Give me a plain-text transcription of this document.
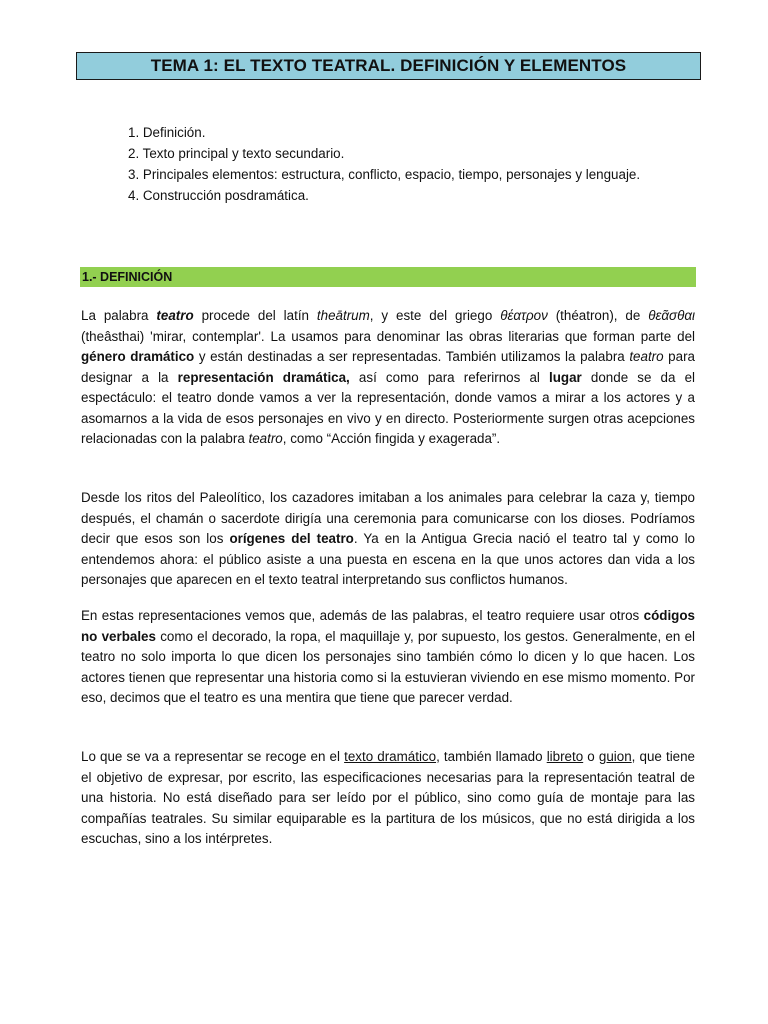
TEMA 1: EL TEXTO TEATRAL. DEFINICIÓN Y ELEMENTOS
1. Definición.
2. Texto principal y texto secundario.
3. Principales elementos: estructura, conflicto, espacio, tiempo, personajes y lenguaje.
4. Construcción posdramática.
1.- DEFINICIÓN

La palabra teatro procede del latín theātrum, y este del griego θέατρον (théatron), de θεᾶσθαι (theâsthai) 'mirar, contemplar'. La usamos para denominar las obras literarias que forman parte del género dramático y están destinadas a ser representadas. También utilizamos la palabra teatro para designar a la representación dramática, así como para referirnos al lugar donde se da el espectáculo: el teatro donde vamos a ver la representación, donde vamos a mirar a los actores y a asomarnos a la vida de esos personajes en vivo y en directo. Posteriormente surgen otras acepciones relacionadas con la palabra teatro, como “Acción fingida y exagerada”.

Desde los ritos del Paleolítico, los cazadores imitaban a los animales para celebrar la caza y, tiempo después, el chamán o sacerdote dirigía una ceremonia para comunicarse con los dioses. Podríamos decir que esos son los orígenes del teatro. Ya en la Antigua Grecia nació el teatro tal y como lo entendemos ahora: el público asiste a una puesta en escena en la que unos actores dan vida a los personajes que aparecen en el texto teatral interpretando sus conflictos humanos.

En estas representaciones vemos que, además de las palabras, el teatro requiere usar otros códigos no verbales como el decorado, la ropa, el maquillaje y, por supuesto, los gestos. Generalmente, en el teatro no solo importa lo que dicen los personajes sino también cómo lo dicen y lo que hacen. Los actores tienen que representar una historia como si la estuvieran viviendo en ese mismo momento. Por eso, decimos que el teatro es una mentira que tiene que parecer verdad.

Lo que se va a representar se recoge en el texto dramático, también llamado libreto o guion, que tiene el objetivo de expresar, por escrito, las especificaciones necesarias para la representación teatral de una historia. No está diseñado para ser leído por el público, sino como guía de montaje para las compañías teatrales. Su similar equiparable es la partitura de los músicos, que no está dirigida a los escuchas, sino a los intérpretes.
